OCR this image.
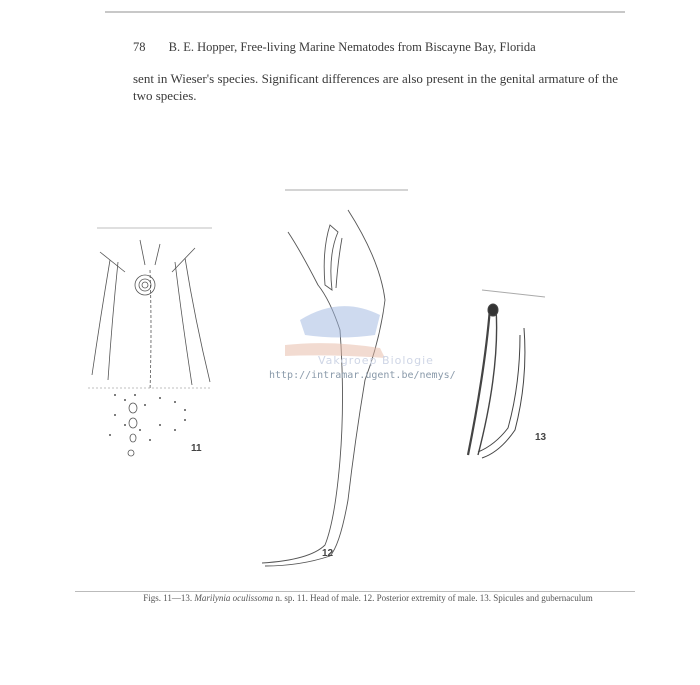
78 B. E. Hopper, Free-living Marine Nematodes from Biscayne Bay, Florida
sent in Wieser's species. Significant differences are also present in the genital armature of the two species.
Vakgroep Biologie
http://intramar.ugent.be/nemys/
11
12
13
Figs. 11—13. Marilynia oculissoma n. sp. 11. Head of male. 12. Posterior extremity of male. 13. Spicules and gubernaculum
